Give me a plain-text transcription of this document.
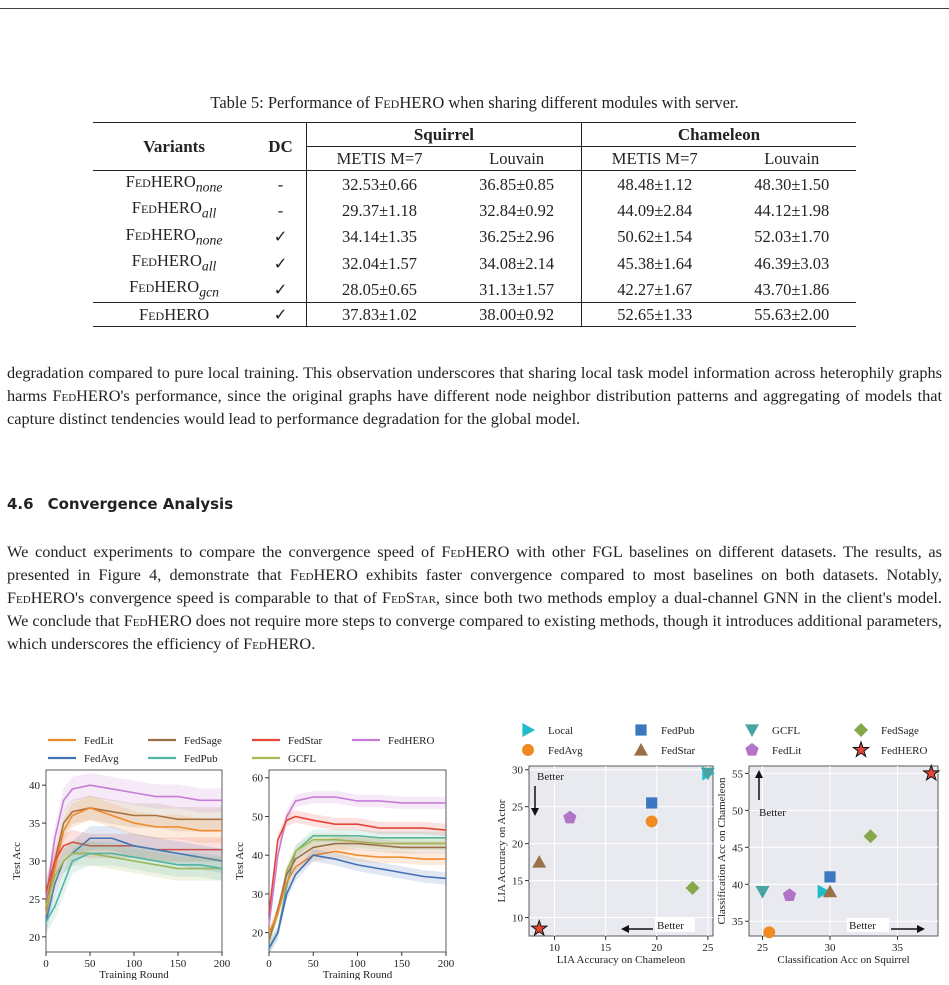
Table 5: Performance of FedHERO when sharing different modules with server.
Variants	DC	Squirrel		Chameleon	
		METIS M=7	Louvain	METIS M=7	Louvain
FedHERO$_{none}$	-	32.53±0.66	36.85±0.85	48.48±1.12	48.30±1.50
FedHERO$_{all}$	-	29.37±1.18	32.84±0.92	44.09±2.84	44.12±1.98
FedHERO$_{none}$	✓	34.14±1.35	36.25±2.96	50.62±1.54	52.03±1.70
FedHERO$_{all}$	✓	32.04±1.57	34.08±2.14	45.38±1.64	46.39±3.03
FedHERO$_{gcn}$	✓	28.05±0.65	31.13±1.57	42.27±1.67	43.70±1.86
FedHERO	✓	37.83±1.02	38.00±0.92	52.65±1.33	55.63±2.00
degradation compared to pure local training. This observation underscores that sharing local task model information across heterophily graphs harms FedHERO's performance, since the original graphs have different node neighbor distribution patterns and aggregating of models that capture distinct tendencies would lead to performance degradation for the global model.
4.6 Convergence Analysis
We conduct experiments to compare the convergence speed of FedHERO with other FGL baselines on different datasets. The results, as presented in Figure 4, demonstrate that FedHERO exhibits faster convergence compared to most baselines on both datasets. Notably, FedHERO's convergence speed is comparable to that of FedStar, since both two methods employ a dual-channel GNN in the client's model. We conclude that FedHERO does not require more steps to converge compared to existing methods, though it introduces additional parameters, which underscores the efficiency of FedHERO.
FedLit	FedSage	FedStar	FedHERO
FedAvg	FedPub	GCFL
0	50	100	150	200
20
25
30
35
40
Training Round
Test Acc
0	50	100	150	200
20
30
40
50
60
Training Round
Test Acc
Local	FedPub	GCFL	FedSage
FedAvg	FedStar	FedLit	FedHERO
10	15	20	25
10
15
20
25
30
LIA Accuracy on Chameleon
LIA Accuracy on Actor
Better
Better
25	30	35
35
40
45
50
55
Classification Acc on Squirrel
Classification Acc on Chameleon	Better
Better
